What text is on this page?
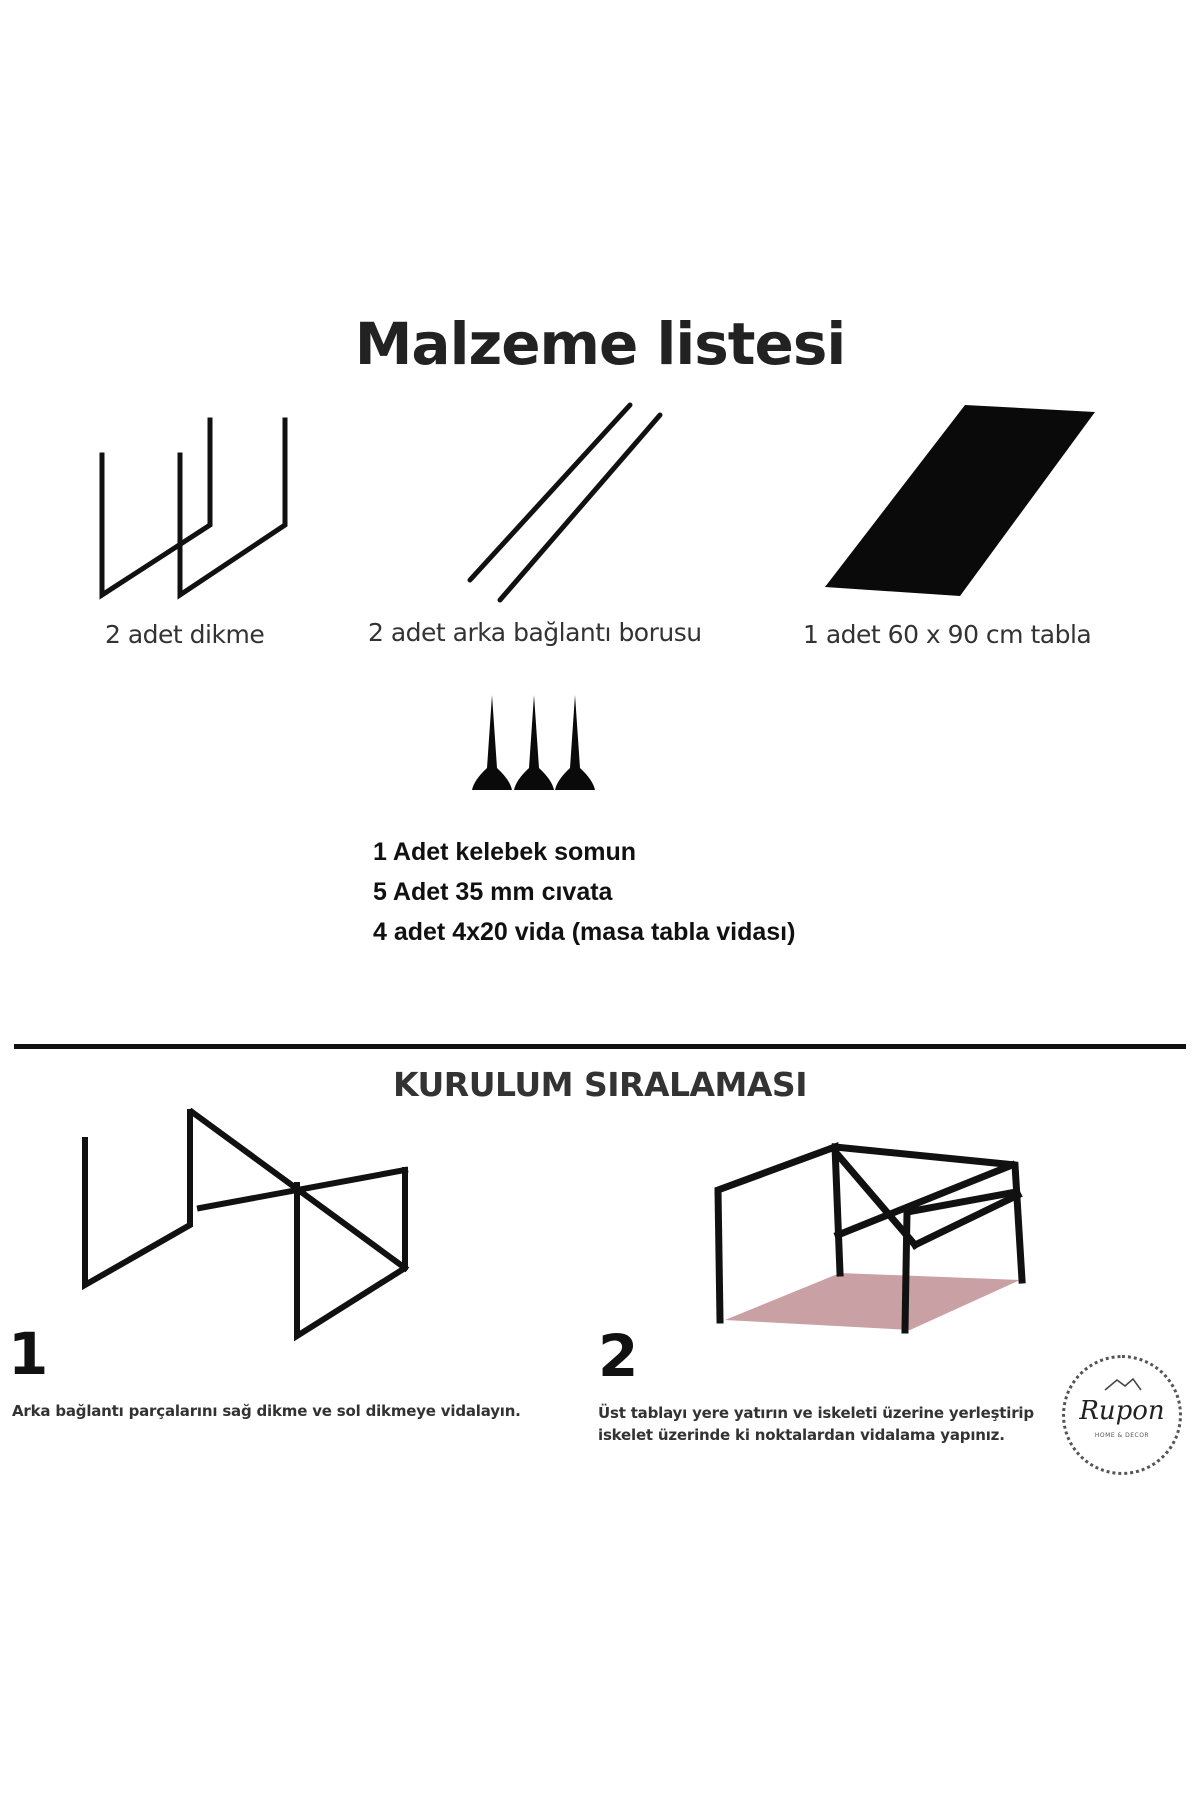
Malzeme listesi
2 adet dikme	2 adet arka bağlantı borusu	1 adet 60 x 90 cm tabla
1 Adet kelebek somun
5 Adet 35 mm cıvata
4 adet 4x20 vida (masa tabla vidası)
KURULUM SIRALAMASI
1
Arka bağlantı parçalarını sağ dikme ve sol dikmeye vidalayın.
2
Üst tablayı yere yatırın ve iskeleti üzerine yerleştirip iskelet üzerinde ki noktalardan vidalama yapınız.
Rupon
HOME & DECOR
